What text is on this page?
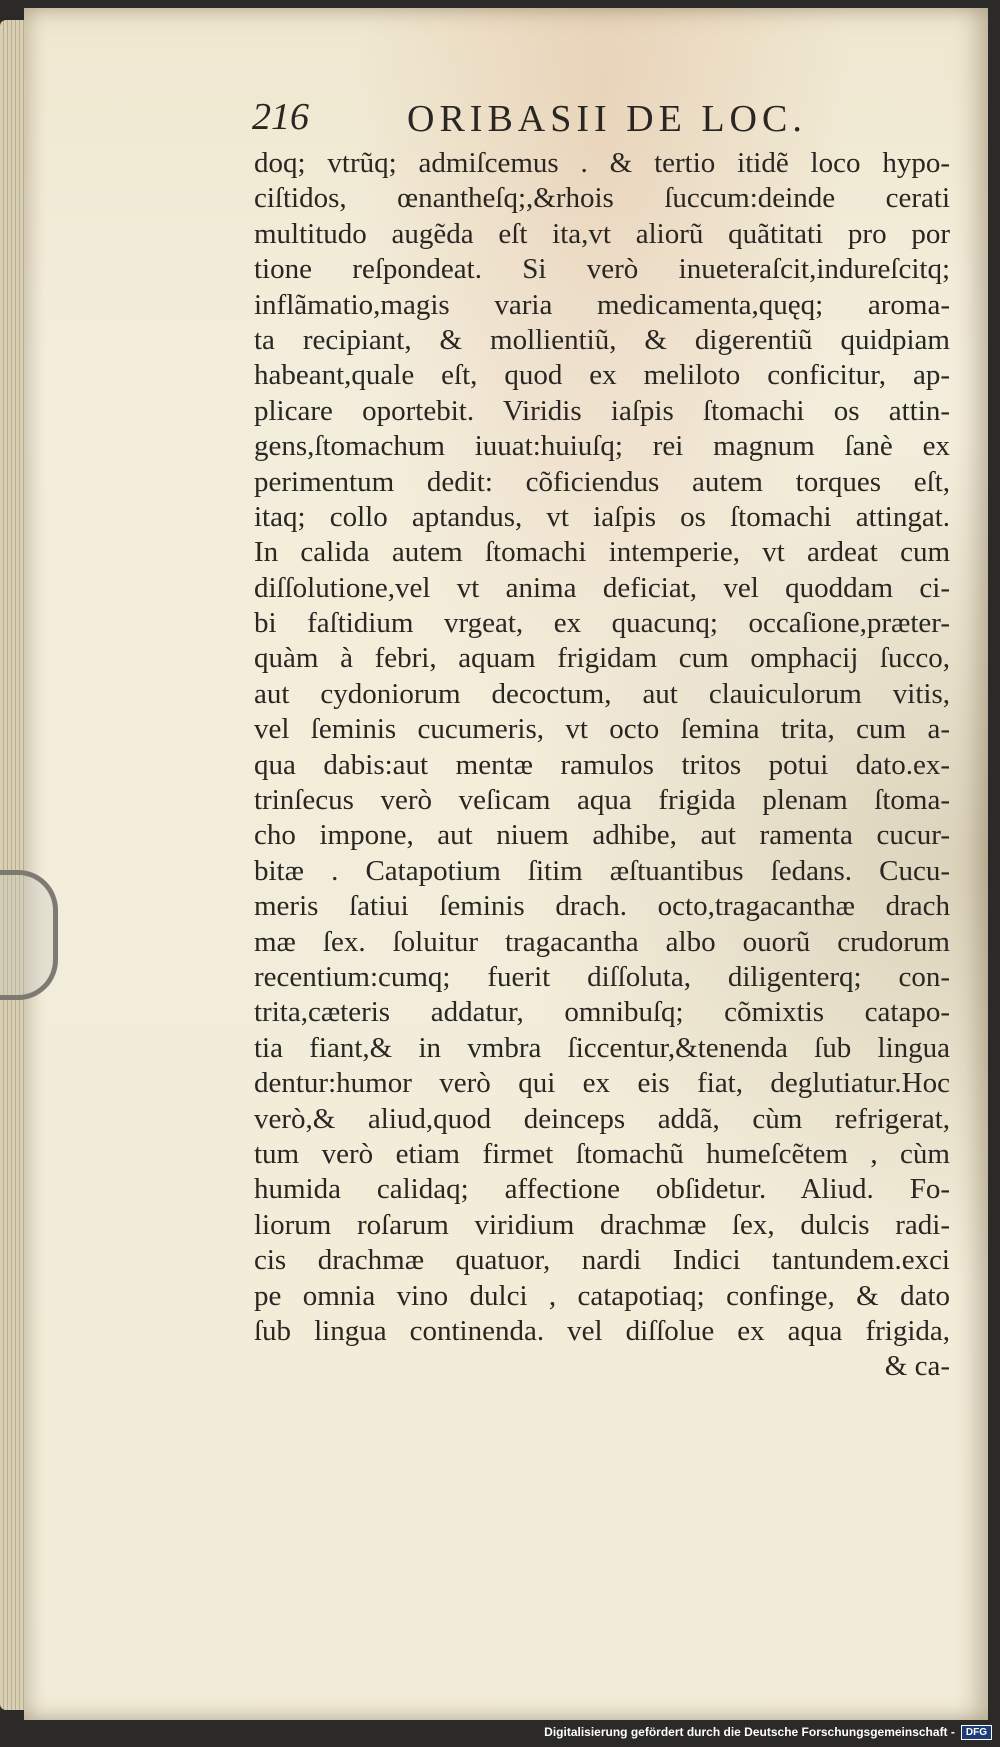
216	ORIBASII DE LOC.
doq; vtrũq; admiſcemus . & tertio itidẽ loco hypo-
ciſtidos, œnantheſq;,&rhois ſuccum:deinde cerati
multitudo augẽda eſt ita,vt aliorũ quãtitati pro por
tione reſpondeat. Si verò inueteraſcit,indureſcitq;
inflãmatio,magis varia medicamenta,quęq; aroma-
ta recipiant, & mollientiũ, & digerentiũ quidpiam
habeant,quale eſt, quod ex meliloto conficitur, ap-
plicare oportebit. Viridis iaſpis ſtomachi os attin-
gens,ſtomachum iuuat:huiuſq; rei magnum ſanè ex
perimentum dedit: cõficiendus autem torques eſt,
itaq; collo aptandus, vt iaſpis os ſtomachi attingat.
In calida autem ſtomachi intemperie, vt ardeat cum
diſſolutione,vel vt anima deficiat, vel quoddam ci-
bi faſtidium vrgeat, ex quacunq; occaſione,præter-
quàm à febri, aquam frigidam cum omphacij ſucco,
aut cydoniorum decoctum, aut clauiculorum vitis,
vel ſeminis cucumeris, vt octo ſemina trita, cum a-
qua dabis:aut mentæ ramulos tritos potui dato.ex-
trinſecus verò veſicam aqua frigida plenam ſtoma-
cho impone, aut niuem adhibe, aut ramenta cucur-
bitæ . Catapotium ſitim æſtuantibus ſedans. Cucu-
meris ſatiui ſeminis drach. octo,tragacanthæ drach
mæ ſex. ſoluitur tragacantha albo ouorũ crudorum
recentium:cumq; fuerit diſſoluta, diligenterq; con-
trita,cæteris addatur, omnibuſq; cõmixtis catapo-
tia fiant,& in vmbra ſiccentur,&tenenda ſub lingua
dentur:humor verò qui ex eis fiat, deglutiatur.Hoc
verò,& aliud,quod deinceps addã, cùm refrigerat,
tum verò etiam firmet ſtomachũ humeſcẽtem , cùm
humida calidaq; affectione obſidetur. Aliud. Fo-
liorum roſarum viridium drachmæ ſex, dulcis radi-
cis drachmæ quatuor, nardi Indici tantundem.exci
pe omnia vino dulci , catapotiaq; confinge, & dato
ſub lingua continenda. vel diſſolue ex aqua frigida,
& ca-
Digitalisierung gefördert durch die Deutsche Forschungsgemeinschaft -	DFG
